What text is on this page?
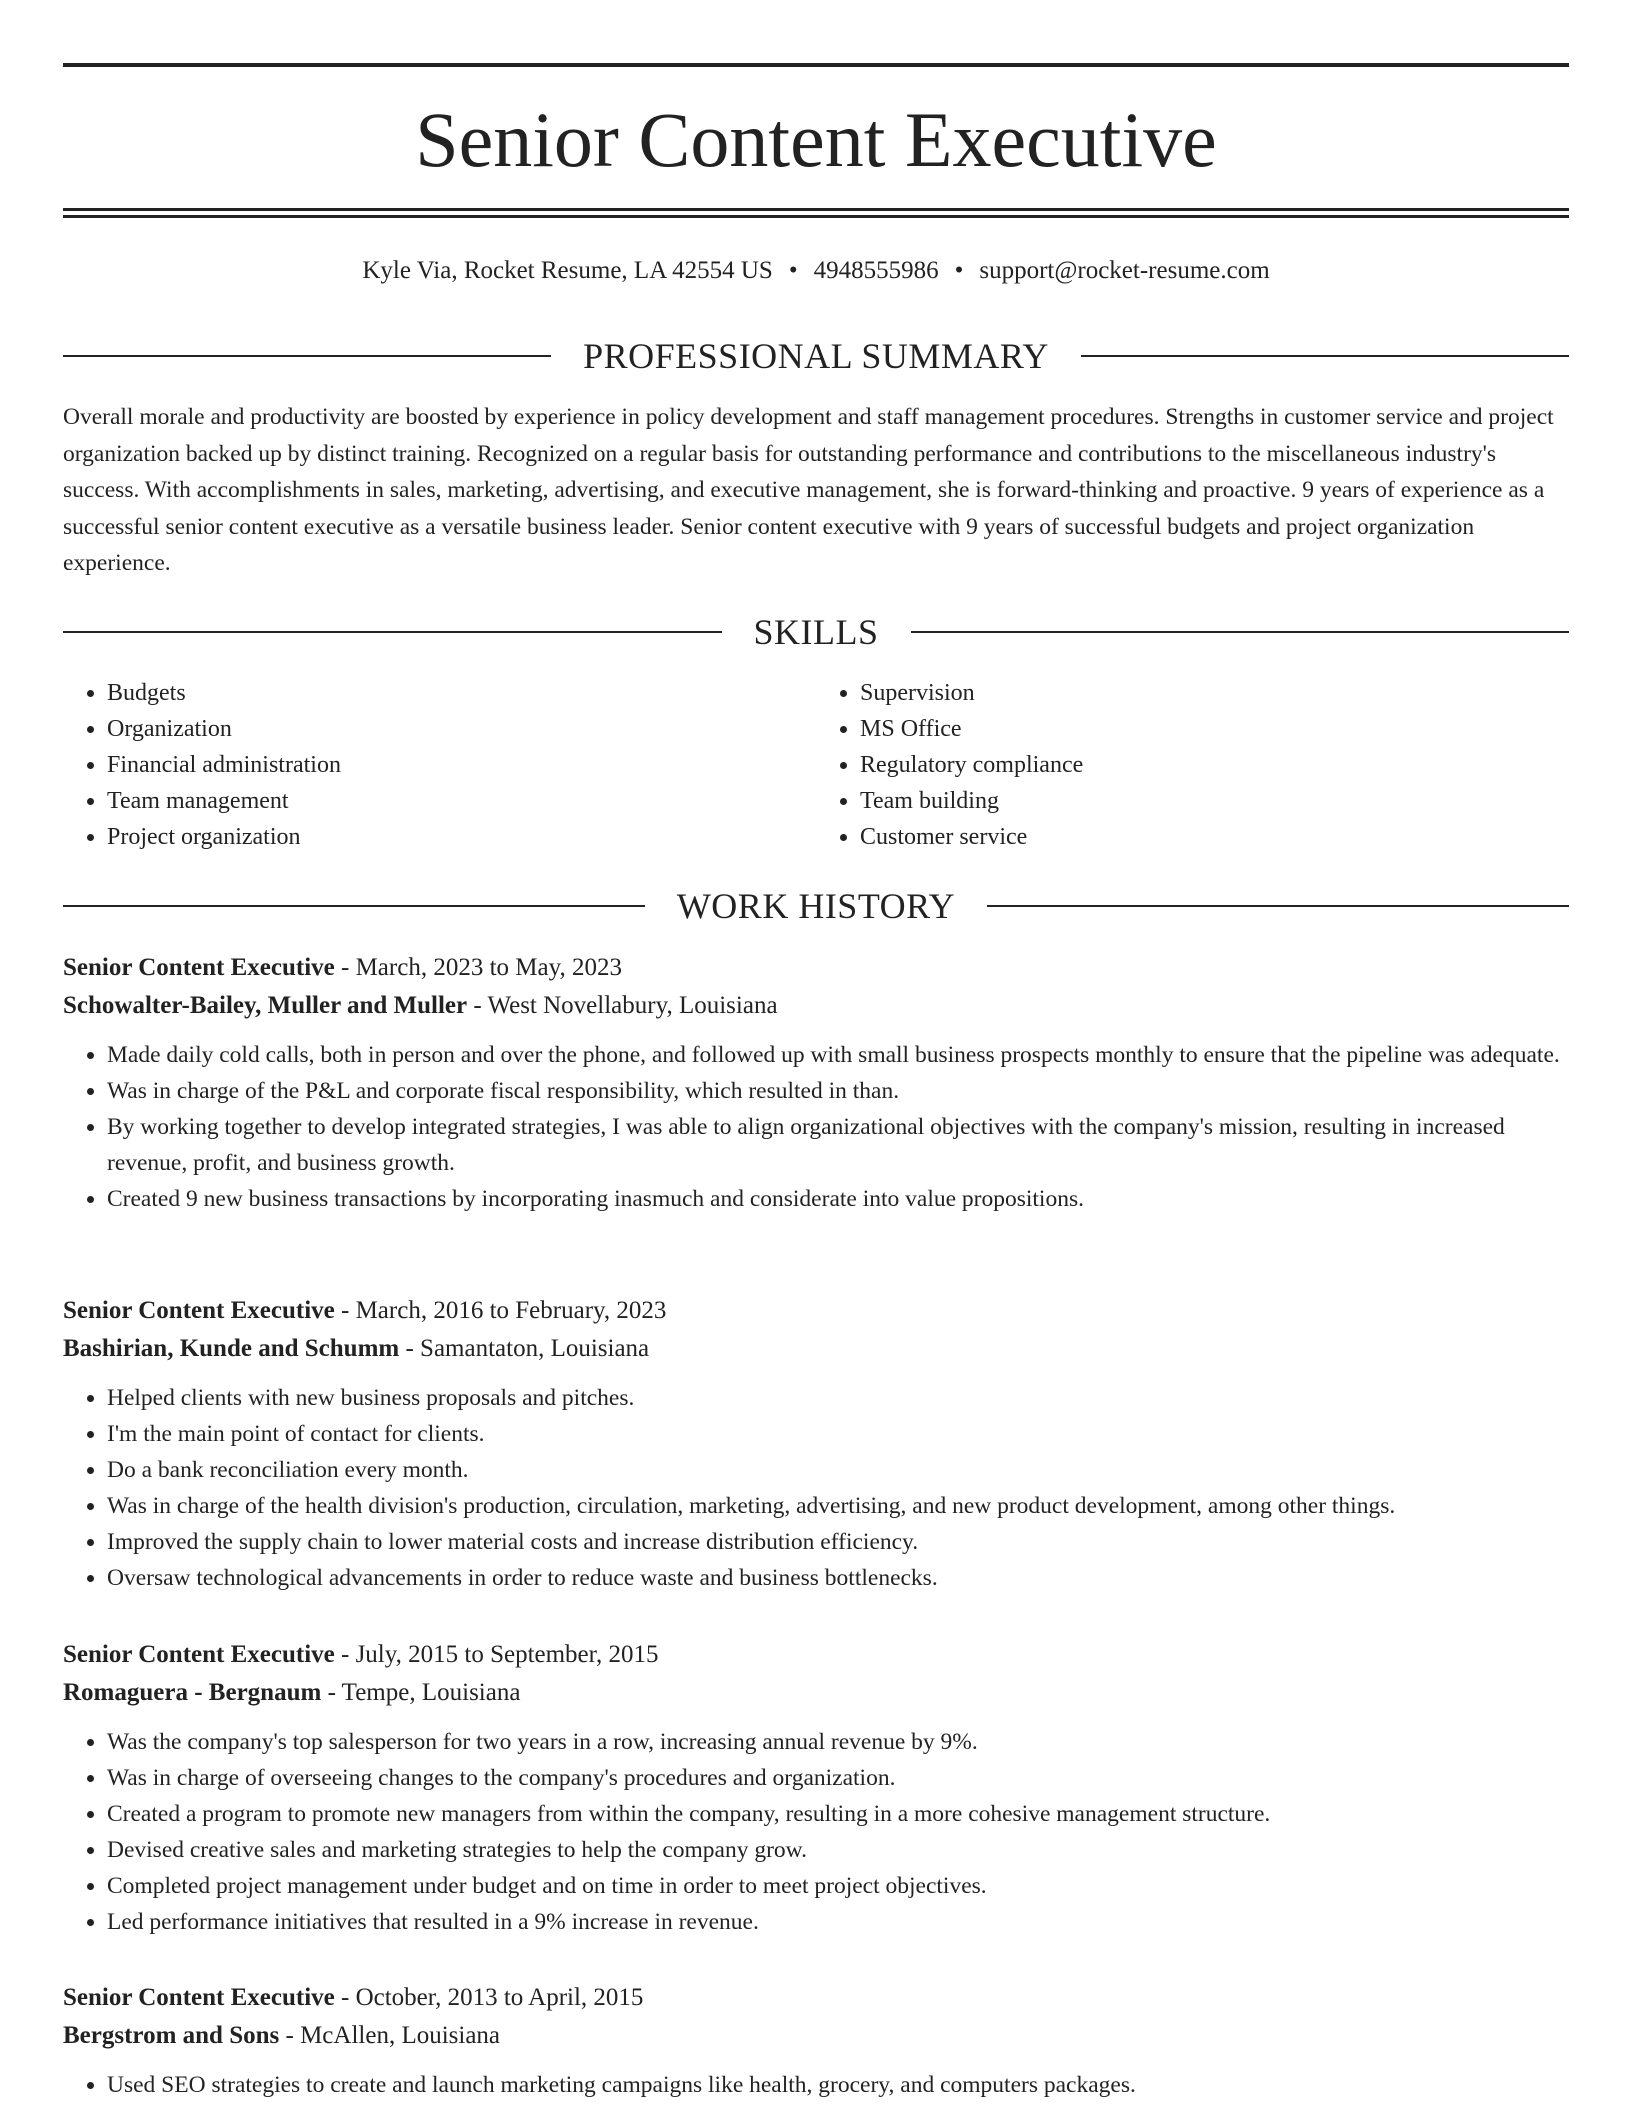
Senior Content Executive
Kyle Via, Rocket Resume, LA 42554 US • 4948555986 • support@rocket-resume.com
PROFESSIONAL SUMMARY

Overall morale and productivity are boosted by experience in policy development and staff management procedures. Strengths in customer service and project organization backed up by distinct training. Recognized on a regular basis for outstanding performance and contributions to the miscellaneous industry's success. With accomplishments in sales, marketing, advertising, and executive management, she is forward-thinking and proactive. 9 years of experience as a successful senior content executive as a versatile business leader. Senior content executive with 9 years of successful budgets and project organization experience.

SKILLS
• Budgets
• Organization
• Financial administration
• Team management
• Project organization
• Supervision
• MS Office
• Regulatory compliance
• Team building
• Customer service
WORK HISTORY
Senior Content Executive - March, 2023 to May, 2023
Schowalter-Bailey, Muller and Muller - West Novellabury, Louisiana
• Made daily cold calls, both in person and over the phone, and followed up with small business prospects monthly to ensure that the pipeline was adequate.
• Was in charge of the P&L and corporate fiscal responsibility, which resulted in than.
• By working together to develop integrated strategies, I was able to align organizational objectives with the company's mission, resulting in increased revenue, profit, and business growth.
• Created 9 new business transactions by incorporating inasmuch and considerate into value propositions.
Senior Content Executive - March, 2016 to February, 2023
Bashirian, Kunde and Schumm - Samantaton, Louisiana
• Helped clients with new business proposals and pitches.
• I'm the main point of contact for clients.
• Do a bank reconciliation every month.
• Was in charge of the health division's production, circulation, marketing, advertising, and new product development, among other things.
• Improved the supply chain to lower material costs and increase distribution efficiency.
• Oversaw technological advancements in order to reduce waste and business bottlenecks.
Senior Content Executive - July, 2015 to September, 2015
Romaguera - Bergnaum - Tempe, Louisiana
• Was the company's top salesperson for two years in a row, increasing annual revenue by 9%.
• Was in charge of overseeing changes to the company's procedures and organization.
• Created a program to promote new managers from within the company, resulting in a more cohesive management structure.
• Devised creative sales and marketing strategies to help the company grow.
• Completed project management under budget and on time in order to meet project objectives.
• Led performance initiatives that resulted in a 9% increase in revenue.
Senior Content Executive - October, 2013 to April, 2015
Bergstrom and Sons - McAllen, Louisiana
• Used SEO strategies to create and launch marketing campaigns like health, grocery, and computers packages.
